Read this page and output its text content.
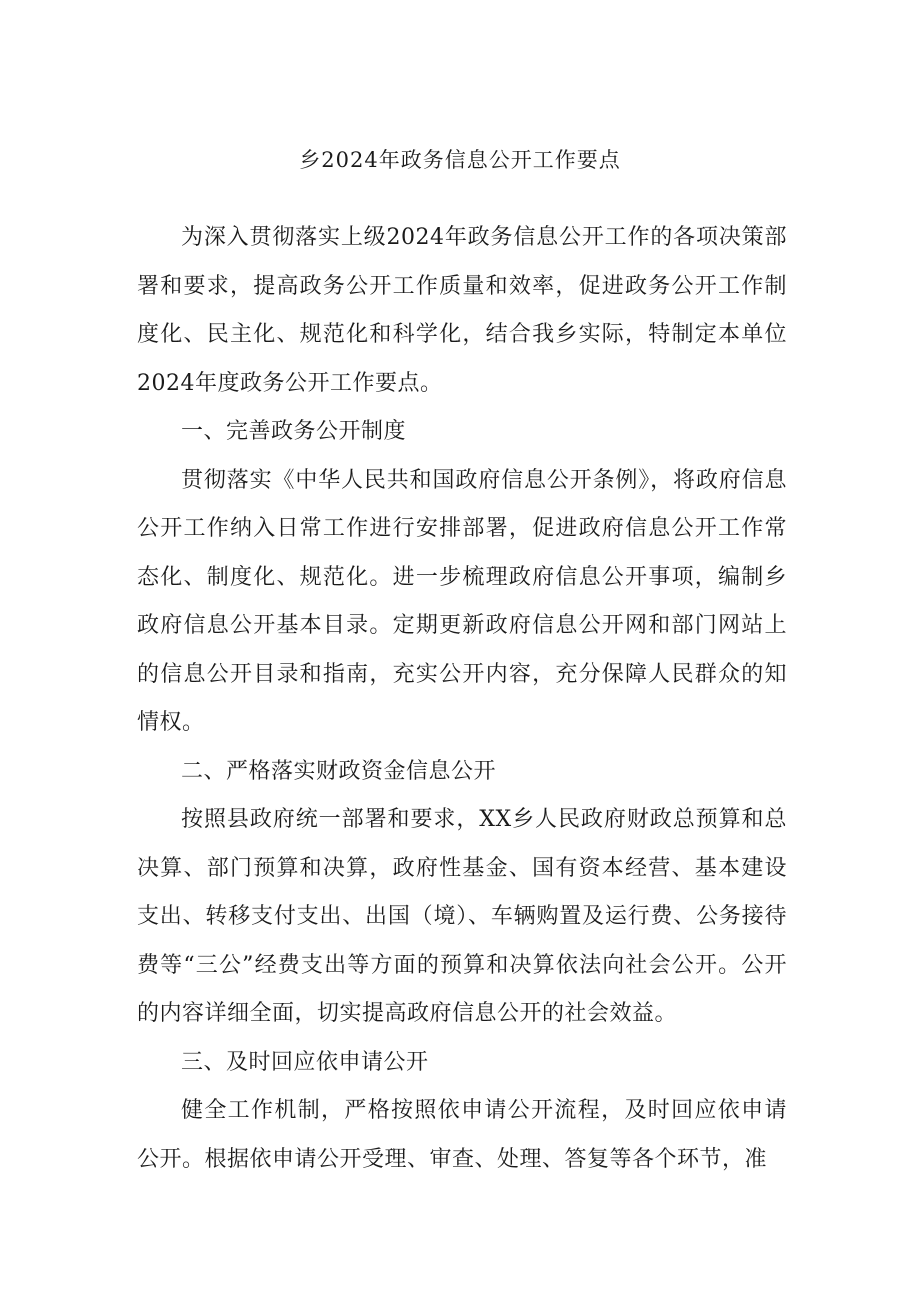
乡2024年政务信息公开工作要点

为深入贯彻落实上级2024年政务信息公开工作的各项决策部署和要求，提高政务公开工作质量和效率，促进政务公开工作制度化、民主化、规范化和科学化，结合我乡实际，特制定本单位2024年度政务公开工作要点。

一、完善政务公开制度

贯彻落实《中华人民共和国政府信息公开条例》，将政府信息公开工作纳入日常工作进行安排部署，促进政府信息公开工作常态化、制度化、规范化。进一步梳理政府信息公开事项，编制乡政府信息公开基本目录。定期更新政府信息公开网和部门网站上的信息公开目录和指南，充实公开内容，充分保障人民群众的知情权。

二、严格落实财政资金信息公开

按照县政府统一部署和要求，XX乡人民政府财政总预算和总决算、部门预算和决算，政府性基金、国有资本经营、基本建设支出、转移支付支出、出国（境）、车辆购置及运行费、公务接待费等“三公”经费支出等方面的预算和决算依法向社会公开。公开的内容详细全面，切实提高政府信息公开的社会效益。

三、及时回应依申请公开

健全工作机制，严格按照依申请公开流程，及时回应依申请公开。根据依申请公开受理、审查、处理、答复等各个环节，准
